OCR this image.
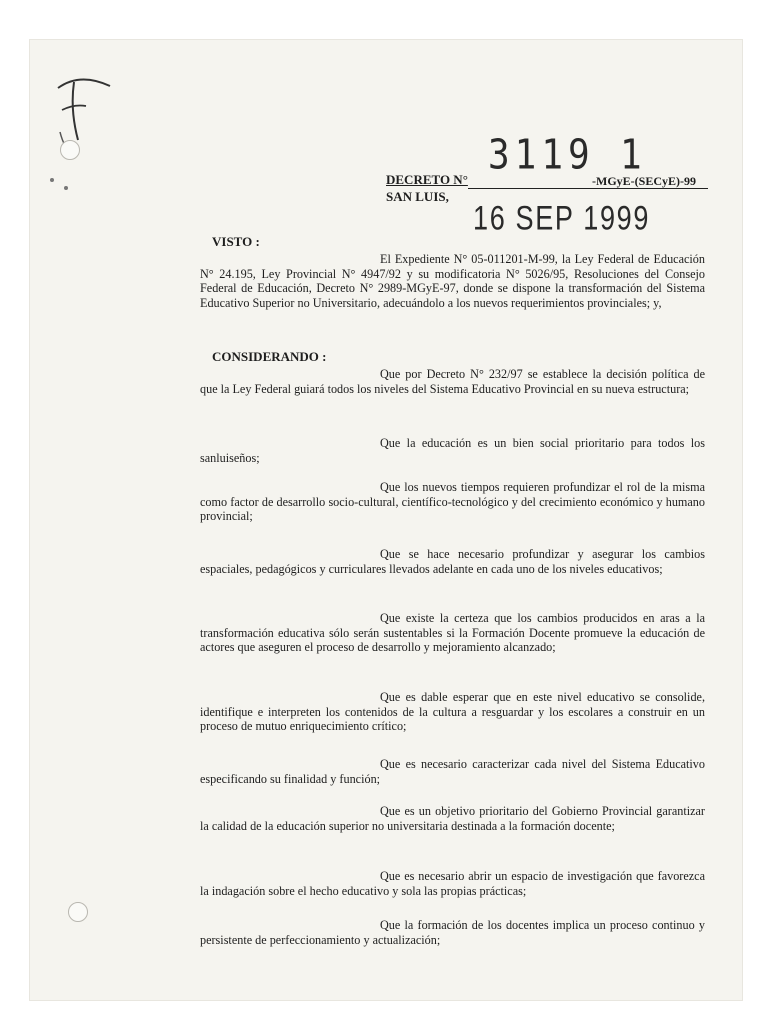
3119 1
DECRETO N°	-MGyE-(SECyE)-99
SAN LUIS,
16 SEP 1999
VISTO :

El Expediente N° 05-011201-M-99, la Ley Federal de Educación N° 24.195, Ley Provincial N° 4947/92 y su modificatoria N° 5026/95, Resoluciones del Consejo Federal de Educación, Decreto N° 2989-MGyE-97, donde se dispone la transformación del Sistema Educativo Superior no Universitario, adecuándolo a los nuevos requerimientos provinciales; y,

CONSIDERANDO :

Que por Decreto N° 232/97 se establece la decisión política de que la Ley Federal guiará todos los niveles del Sistema Educativo Provincial en su nueva estructura;

Que la educación es un bien social prioritario para todos los sanluiseños;

Que los nuevos tiempos requieren profundizar el rol de la misma como factor de desarrollo socio-cultural, científico-tecnológico y del crecimiento económico y humano provincial;

Que se hace necesario profundizar y asegurar los cambios espaciales, pedagógicos y curriculares llevados adelante en cada uno de los niveles educativos;

Que existe la certeza que los cambios producidos en aras a la transformación educativa sólo serán sustentables si la Formación Docente promueve la educación de actores que aseguren el proceso de desarrollo y mejoramiento alcanzado;

Que es dable esperar que en este nivel educativo se consolide, identifique e interpreten los contenidos de la cultura a resguardar y los escolares a construir en un proceso de mutuo enriquecimiento crítico;

Que es necesario caracterizar cada nivel del Sistema Educativo especificando su finalidad y función;

Que es un objetivo prioritario del Gobierno Provincial garantizar la calidad de la educación superior no universitaria destinada a la formación docente;

Que es necesario abrir un espacio de investigación que favorezca la indagación sobre el hecho educativo y sola las propias prácticas;

Que la formación de los docentes implica un proceso continuo y persistente de perfeccionamiento y actualización;
